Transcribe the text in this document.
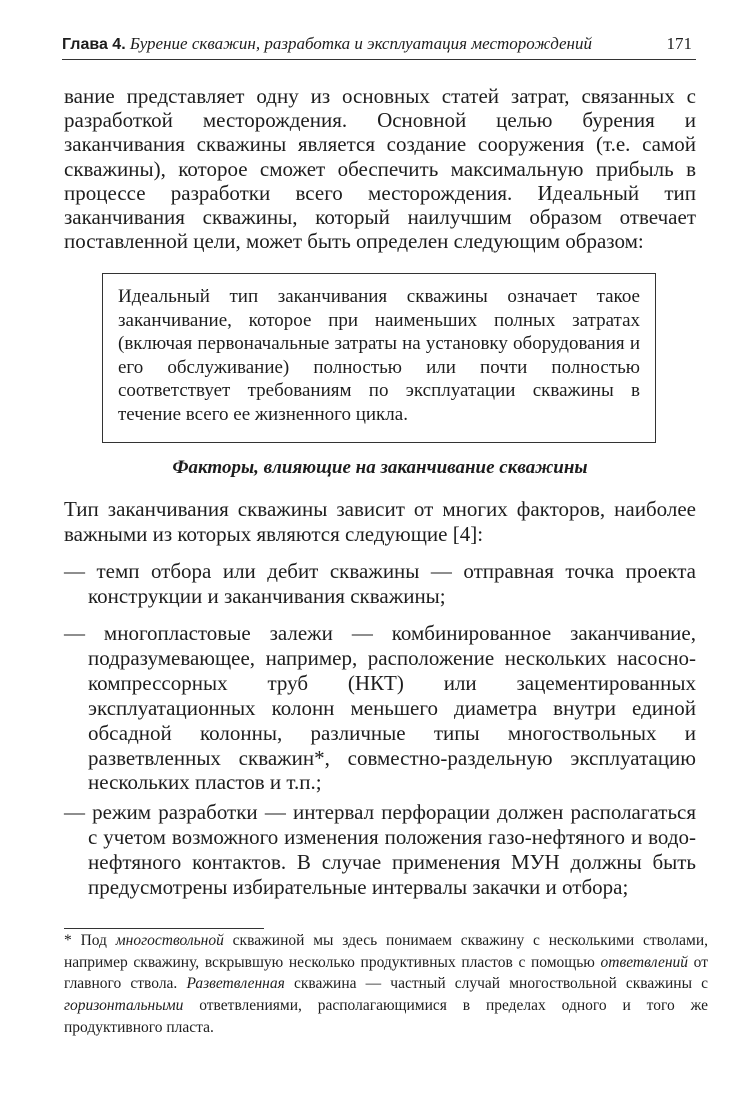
Глава 4. Бурение скважин, разработка и эксплуатация месторождений	171

вание представляет одну из основных статей затрат, связанных с разработкой месторождения. Основной целью бурения и заканчивания скважины является создание сооружения (т.е. самой скважины), которое сможет обеспечить максимальную прибыль в процессе разработки всего месторождения. Идеальный тип заканчивания скважины, который наилучшим образом отвечает поставленной цели, может быть определен следующим образом:

Идеальный тип заканчивания скважины означает такое заканчивание, которое при наименьших полных затратах (включая первоначальные затраты на установку оборудования и его обслуживание) полностью или почти полностью соответствует требованиям по эксплуатации скважины в течение всего ее жизненного цикла.

Факторы, влияющие на заканчивание скважины

Тип заканчивания скважины зависит от многих факторов, наиболее важными из которых являются следующие [4]:

— темп отбора или дебит скважины — отправная точка проекта конструкции и заканчивания скважины;

— многопластовые залежи — комбинированное заканчивание, подразумевающее, например, расположение нескольких насосно-компрессорных труб (НКТ) или зацементированных эксплуатационных колонн меньшего диаметра внутри единой обсадной колонны, различные типы многоствольных и разветвленных скважин*, совместно-раздельную эксплуатацию нескольких пластов и т.п.;

— режим разработки — интервал перфорации должен располагаться с учетом возможного изменения положения газо-нефтяного и водо-нефтяного контактов. В случае применения МУН должны быть предусмотрены избирательные интервалы закачки и отбора;

* Под многоствольной скважиной мы здесь понимаем скважину с несколькими стволами, например скважину, вскрывшую несколько продуктивных пластов с помощью ответвлений от главного ствола. Разветвленная скважина — частный случай многоствольной скважины с горизонтальными ответвлениями, располагающимися в пределах одного и того же продуктивного пласта.
